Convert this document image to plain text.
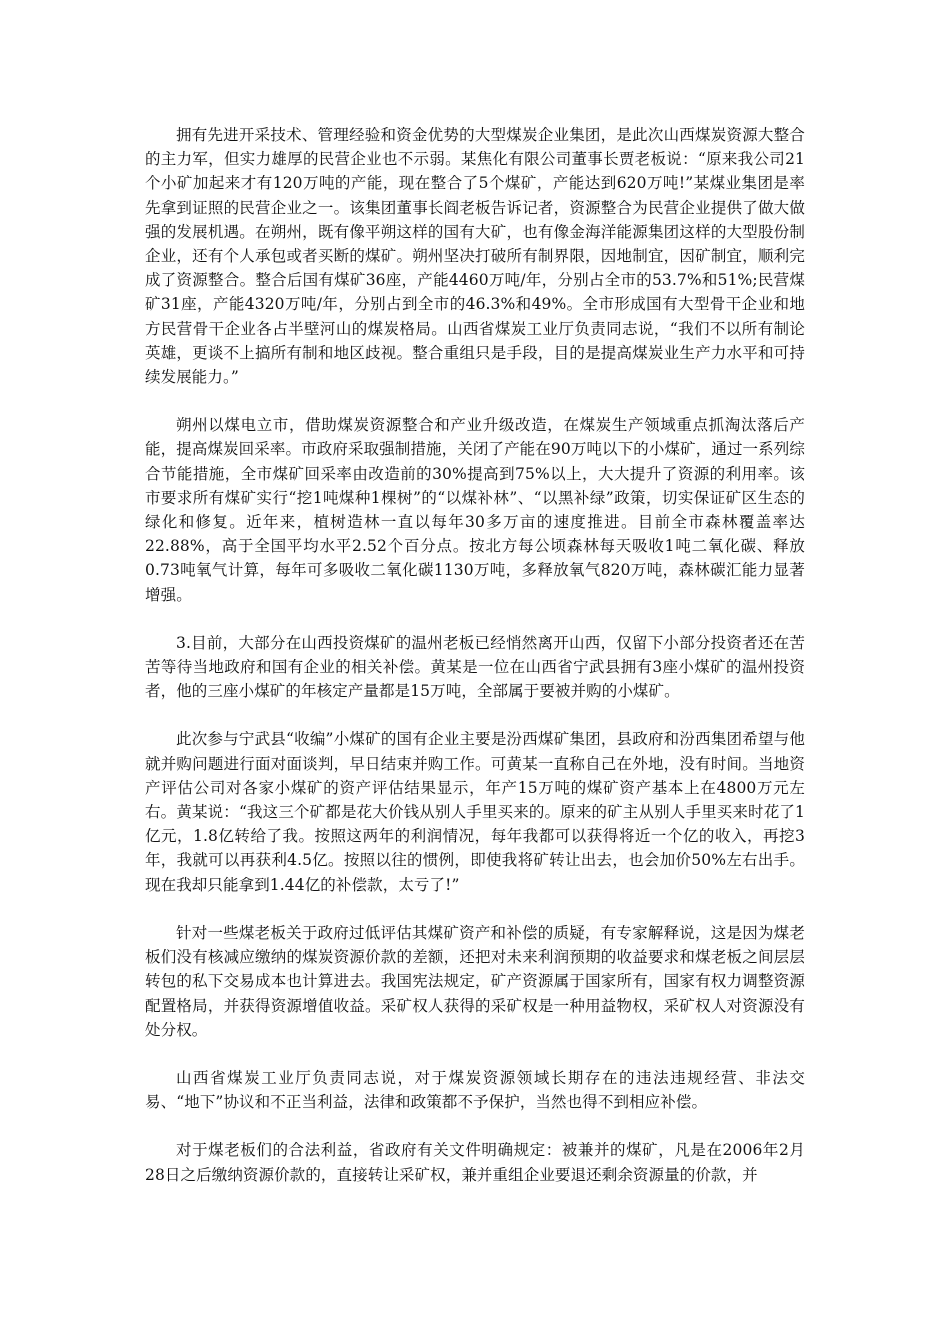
拥有先进开采技术、管理经验和资金优势的大型煤炭企业集团，是此次山西煤炭资源大整合的主力军，但实力雄厚的民营企业也不示弱。某焦化有限公司董事长贾老板说：“原来我公司21个小矿加起来才有120万吨的产能，现在整合了5个煤矿，产能达到620万吨!”某煤业集团是率先拿到证照的民营企业之一。该集团董事长阎老板告诉记者，资源整合为民营企业提供了做大做强的发展机遇。在朔州，既有像平朔这样的国有大矿，也有像金海洋能源集团这样的大型股份制企业，还有个人承包或者买断的煤矿。朔州坚决打破所有制界限，因地制宜，因矿制宜，顺利完成了资源整合。整合后国有煤矿36座，产能4460万吨/年，分别占全市的53.7%和51%;民营煤矿31座，产能4320万吨/年，分别占到全市的46.3%和49%。全市形成国有大型骨干企业和地方民营骨干企业各占半壁河山的煤炭格局。山西省煤炭工业厅负责同志说，“我们不以所有制论英雄，更谈不上搞所有制和地区歧视。整合重组只是手段，目的是提高煤炭业生产力水平和可持续发展能力。”

朔州以煤电立市，借助煤炭资源整合和产业升级改造，在煤炭生产领域重点抓淘汰落后产能，提高煤炭回采率。市政府采取强制措施，关闭了产能在90万吨以下的小煤矿，通过一系列综合节能措施，全市煤矿回采率由改造前的30%提高到75%以上，大大提升了资源的利用率。该市要求所有煤矿实行“挖1吨煤种1棵树”的“以煤补林”、“以黑补绿”政策，切实保证矿区生态的绿化和修复。近年来，植树造林一直以每年30多万亩的速度推进。目前全市森林覆盖率达22.88%，高于全国平均水平2.52个百分点。按北方每公顷森林每天吸收1吨二氧化碳、释放0.73吨氧气计算，每年可多吸收二氧化碳1130万吨，多释放氧气820万吨，森林碳汇能力显著增强。

3.目前，大部分在山西投资煤矿的温州老板已经悄然离开山西，仅留下小部分投资者还在苦苦等待当地政府和国有企业的相关补偿。黄某是一位在山西省宁武县拥有3座小煤矿的温州投资者，他的三座小煤矿的年核定产量都是15万吨，全部属于要被并购的小煤矿。

此次参与宁武县“收编”小煤矿的国有企业主要是汾西煤矿集团，县政府和汾西集团希望与他就并购问题进行面对面谈判，早日结束并购工作。可黄某一直称自己在外地，没有时间。当地资产评估公司对各家小煤矿的资产评估结果显示，年产15万吨的煤矿资产基本上在4800万元左右。黄某说：“我这三个矿都是花大价钱从别人手里买来的。原来的矿主从别人手里买来时花了1亿元，1.8亿转给了我。按照这两年的利润情况，每年我都可以获得将近一个亿的收入，再挖3年，我就可以再获利4.5亿。按照以往的惯例，即使我将矿转让出去，也会加价50%左右出手。现在我却只能拿到1.44亿的补偿款，太亏了!”

针对一些煤老板关于政府过低评估其煤矿资产和补偿的质疑，有专家解释说，这是因为煤老板们没有核减应缴纳的煤炭资源价款的差额，还把对未来利润预期的收益要求和煤老板之间层层转包的私下交易成本也计算进去。我国宪法规定，矿产资源属于国家所有，国家有权力调整资源配置格局，并获得资源增值收益。采矿权人获得的采矿权是一种用益物权，采矿权人对资源没有处分权。

山西省煤炭工业厅负责同志说，对于煤炭资源领域长期存在的违法违规经营、非法交易、“地下”协议和不正当利益，法律和政策都不予保护，当然也得不到相应补偿。

对于煤老板们的合法利益，省政府有关文件明确规定：被兼并的煤矿，凡是在2006年2月28日之后缴纳资源价款的，直接转让采矿权，兼并重组企业要退还剩余资源量的价款，并
